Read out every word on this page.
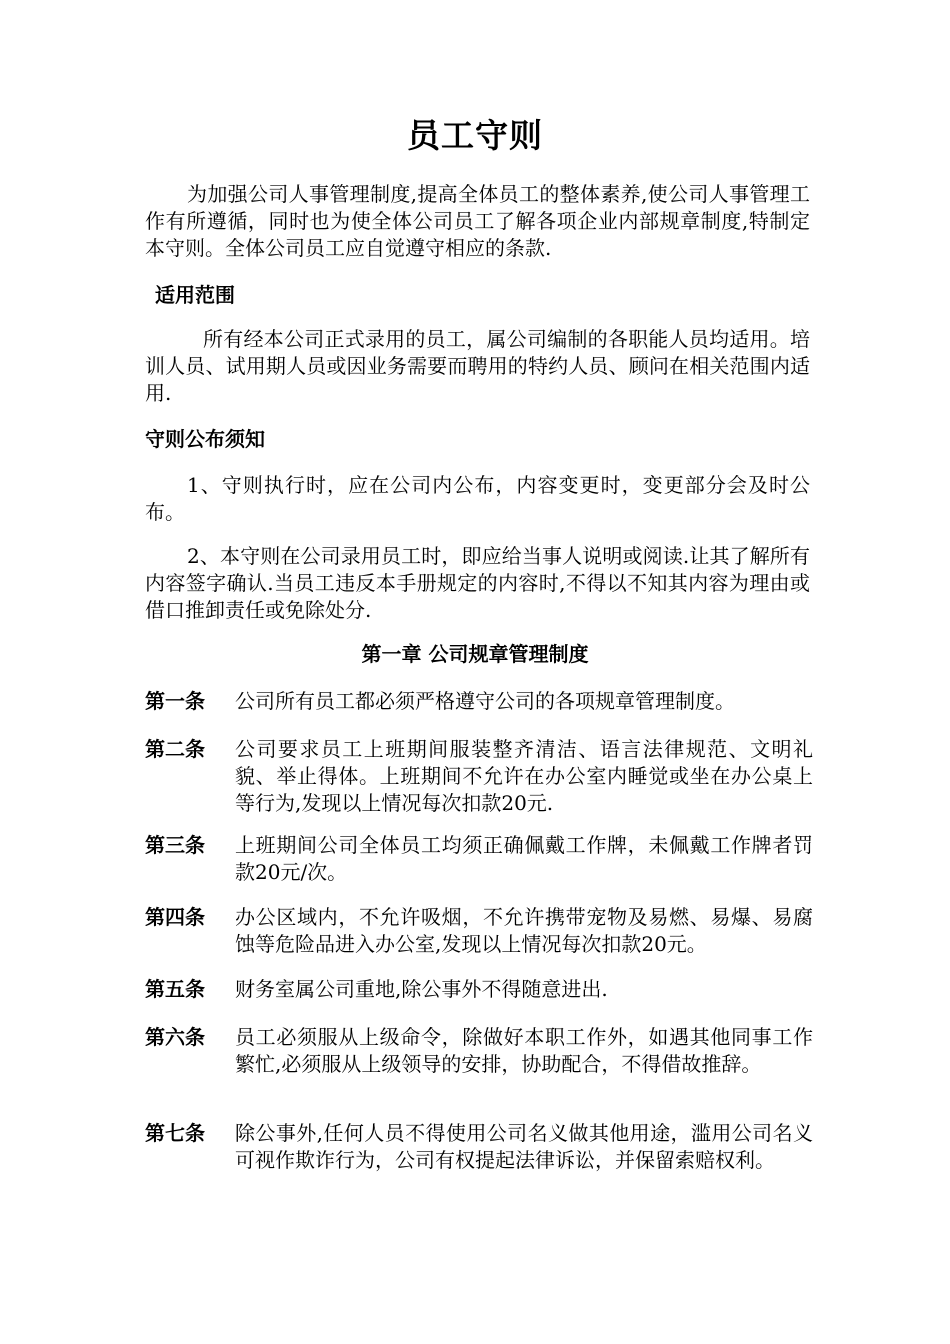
员工守则

为加强公司人事管理制度,提高全体员工的整体素养,使公司人事管理工作有所遵循，同时也为使全体公司员工了解各项企业内部规章制度,特制定本守则。全体公司员工应自觉遵守相应的条款.

适用范围

所有经本公司正式录用的员工，属公司编制的各职能人员均适用。培训人员、试用期人员或因业务需要而聘用的特约人员、顾问在相关范围内适用.

守则公布须知

1、守则执行时，应在公司内公布，内容变更时，变更部分会及时公布。

2、本守则在公司录用员工时，即应给当事人说明或阅读.让其了解所有内容签字确认.当员工违反本手册规定的内容时,不得以不知其内容为理由或借口推卸责任或免除处分.

第一章 公司规章管理制度
第一条 公司所有员工都必须严格遵守公司的各项规章管理制度。
第二条 公司要求员工上班期间服装整齐清洁、语言法律规范、文明礼貌、举止得体。上班期间不允许在办公室内睡觉或坐在办公桌上等行为,发现以上情况每次扣款20元.
第三条 上班期间公司全体员工均须正确佩戴工作牌，未佩戴工作牌者罚款20元/次。
第四条 办公区域内，不允许吸烟，不允许携带宠物及易燃、易爆、易腐蚀等危险品进入办公室,发现以上情况每次扣款20元。
第五条 财务室属公司重地,除公事外不得随意进出.
第六条 员工必须服从上级命令，除做好本职工作外，如遇其他同事工作繁忙,必须服从上级领导的安排，协助配合，不得借故推辞。
第七条 除公事外,任何人员不得使用公司名义做其他用途，滥用公司名义可视作欺诈行为，公司有权提起法律诉讼，并保留索赔权利。
